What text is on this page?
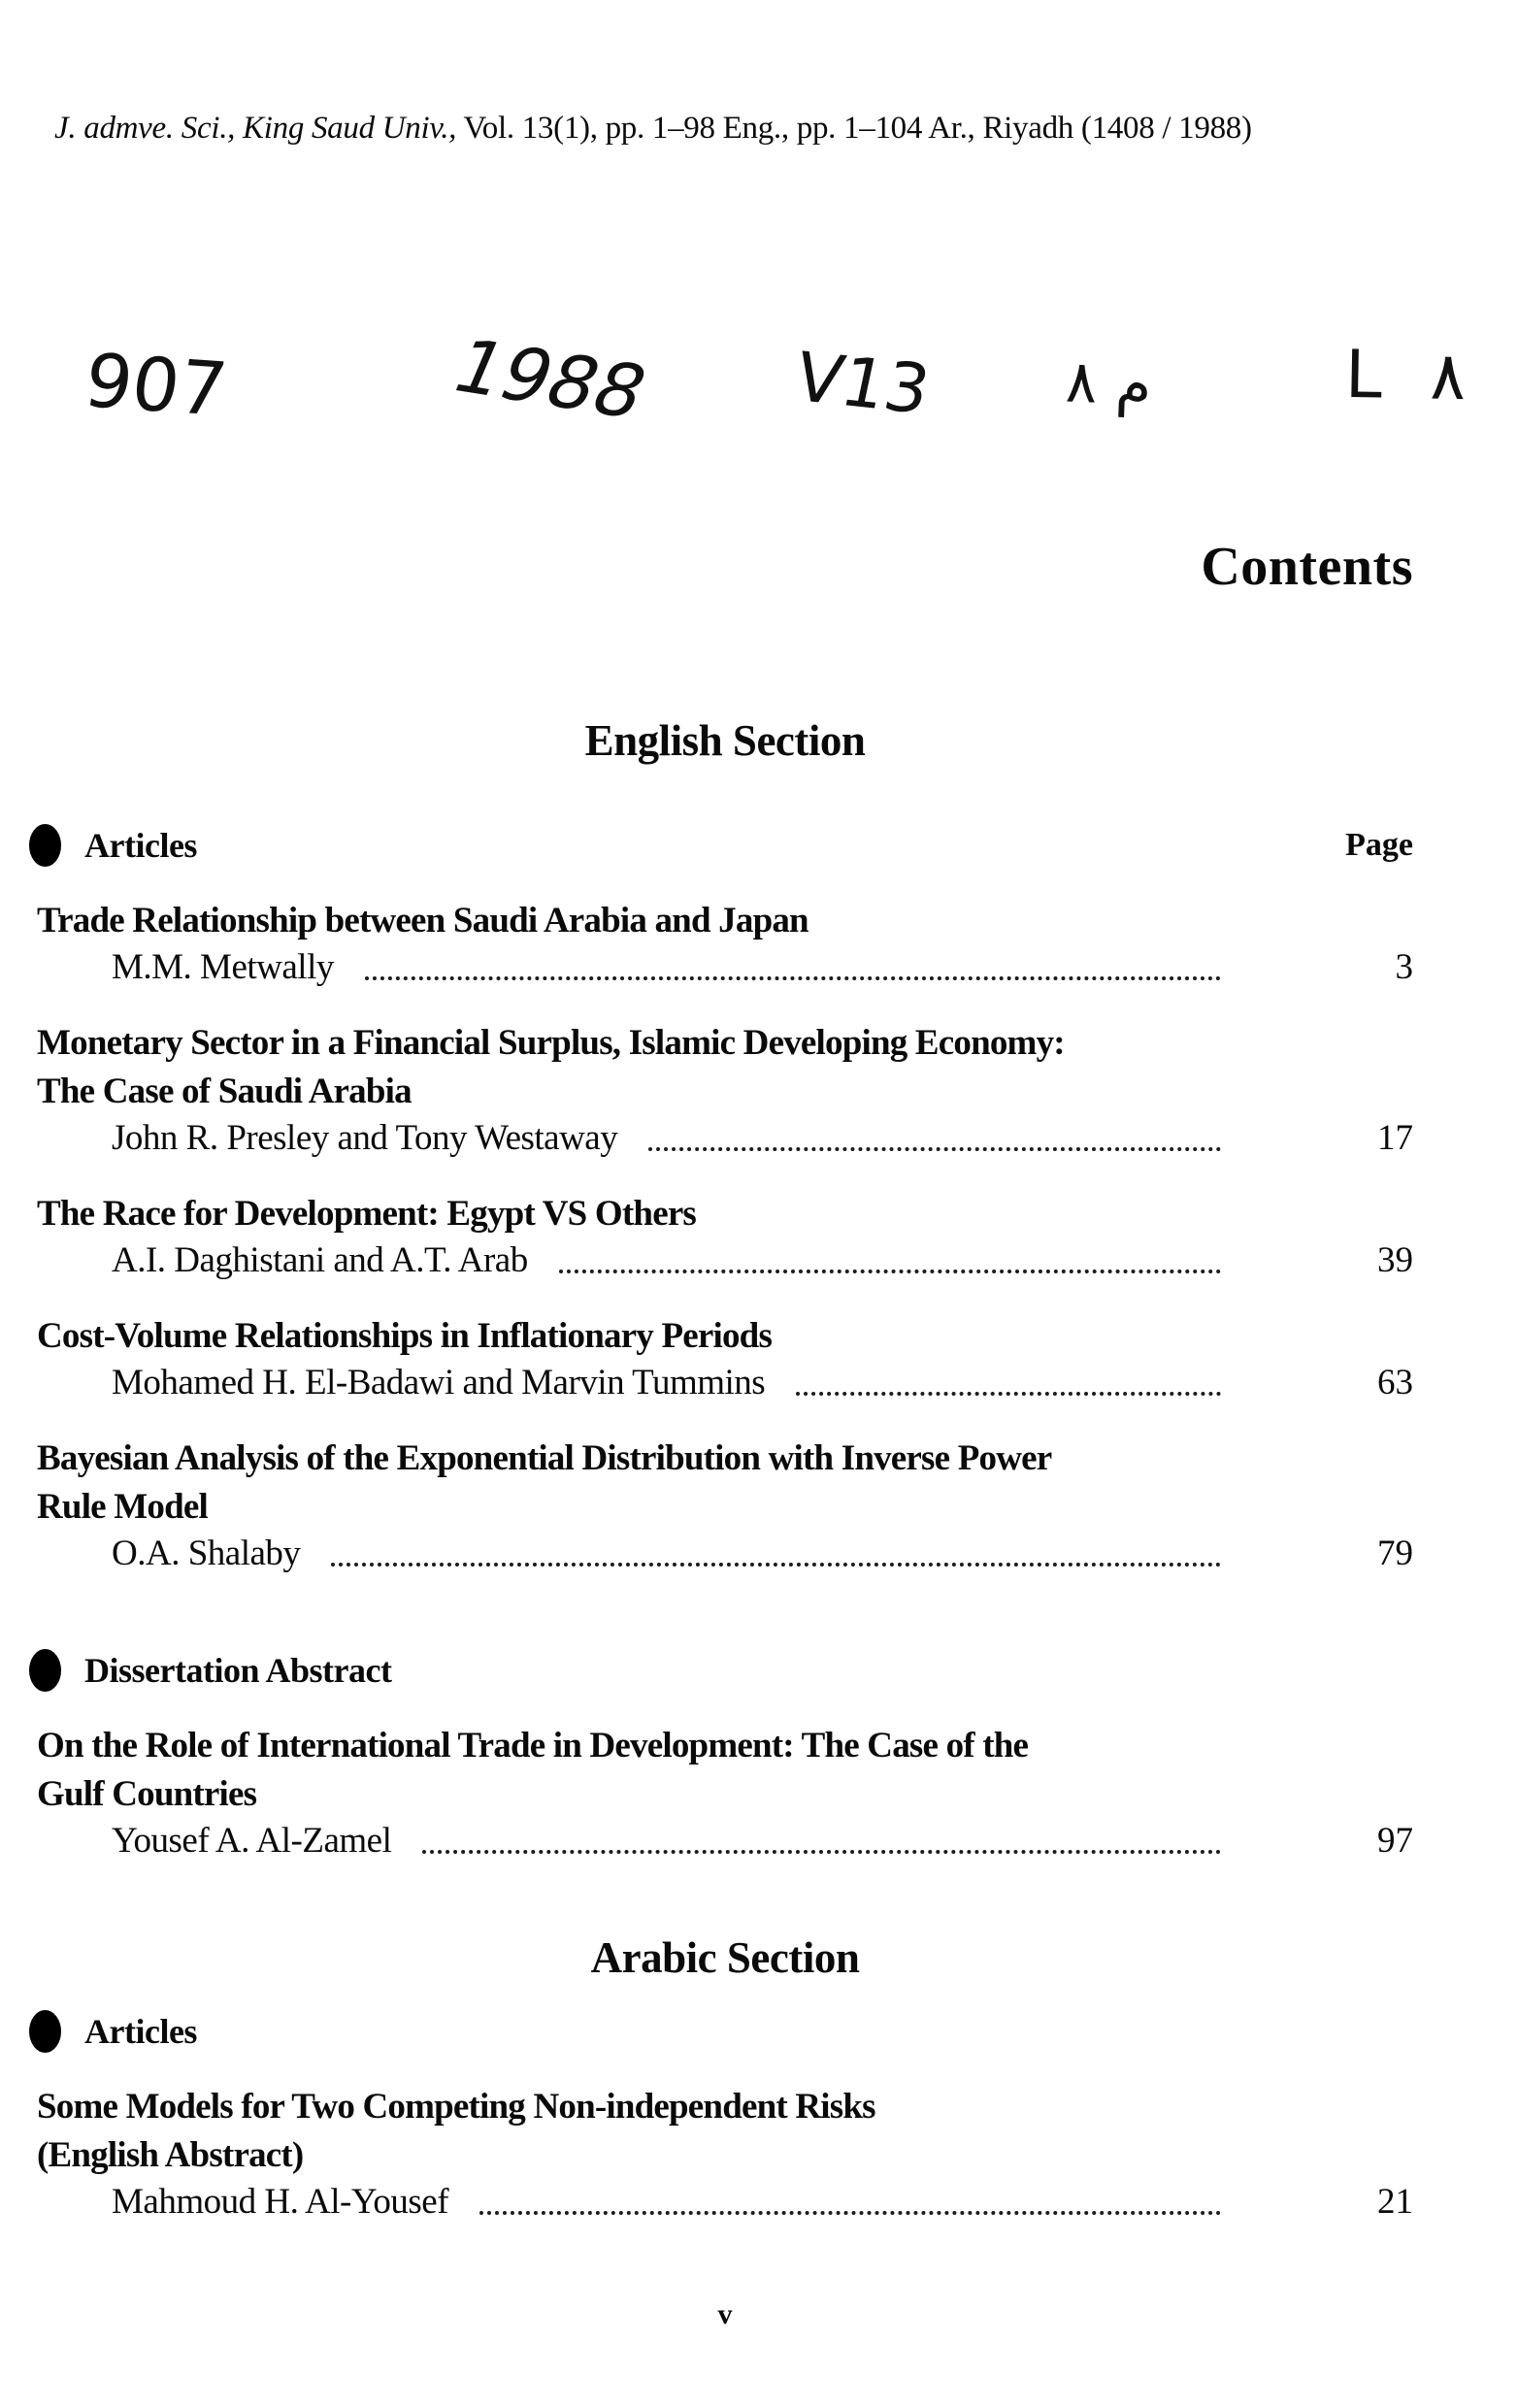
J. admve. Sci., King Saud Univ., Vol. 13(1), pp. 1–98 Eng., pp. 1–104 Ar., Riyadh (1408 / 1988)
907	1988 V13 م ٨	L ٨
Contents
English Section
Articles	Page
Trade Relationship between Saudi Arabia and Japan
M.M. Metwally	3
Monetary Sector in a Financial Surplus, Islamic Developing Economy:
The Case of Saudi Arabia
John R. Presley and Tony Westaway	17
The Race for Development: Egypt VS Others
A.I. Daghistani and A.T. Arab	39
Cost-Volume Relationships in Inflationary Periods
Mohamed H. El-Badawi and Marvin Tummins	63
Bayesian Analysis of the Exponential Distribution with Inverse Power
Rule Model
O.A. Shalaby	79
Dissertation Abstract
On the Role of International Trade in Development: The Case of the
Gulf Countries
Yousef A. Al-Zamel	97
Arabic Section
Articles
Some Models for Two Competing Non-independent Risks
(English Abstract)
Mahmoud H. Al-Yousef	21
v
